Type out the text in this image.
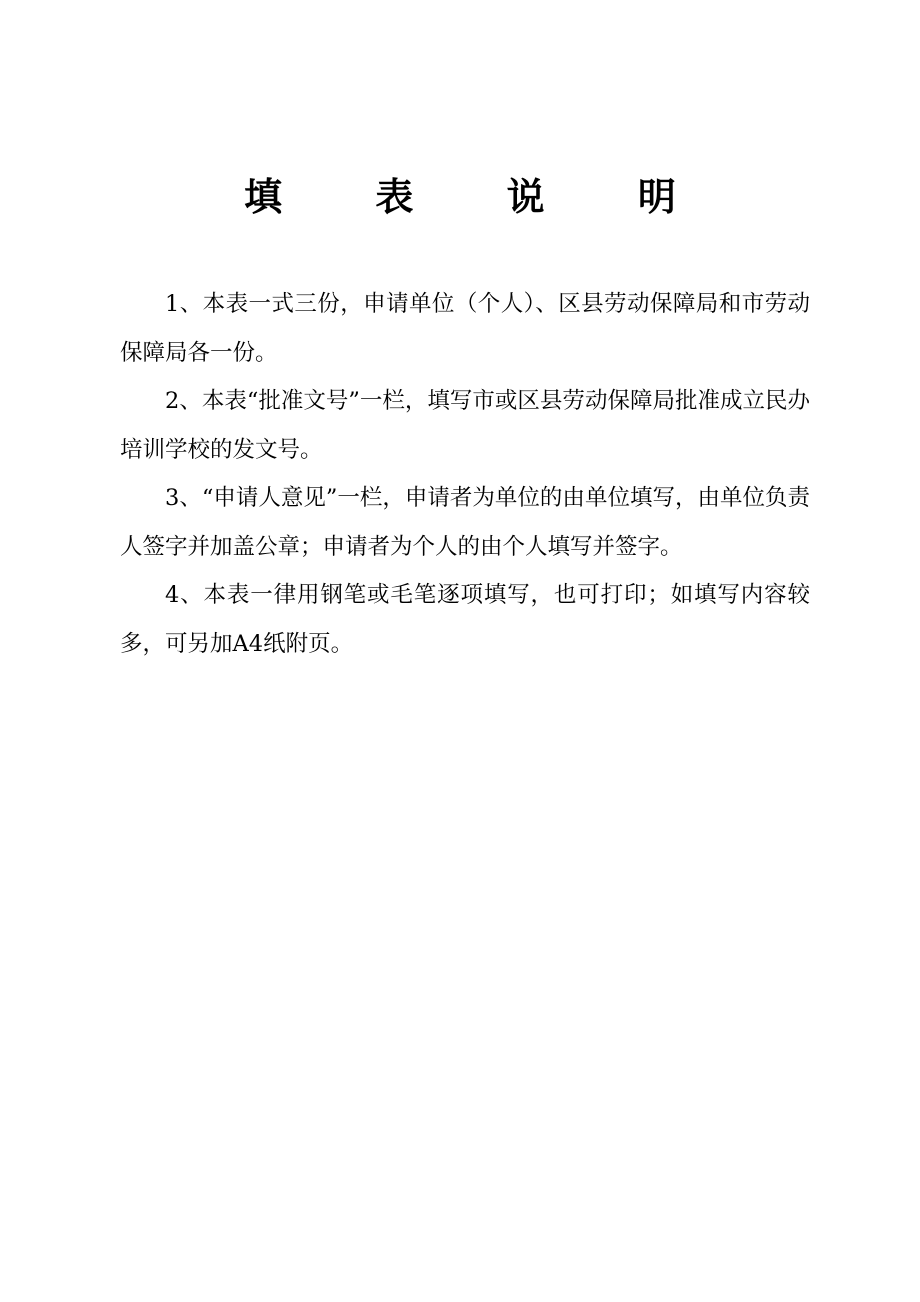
填 表 说 明

1、本表一式三份，申请单位（个人）、区县劳动保障局和市劳动保障局各一份。

2、本表“批准文号”一栏，填写市或区县劳动保障局批准成立民办培训学校的发文号。

3、“申请人意见”一栏，申请者为单位的由单位填写，由单位负责人签字并加盖公章；申请者为个人的由个人填写并签字。

4、本表一律用钢笔或毛笔逐项填写，也可打印；如填写内容较多，可另加A4纸附页。
